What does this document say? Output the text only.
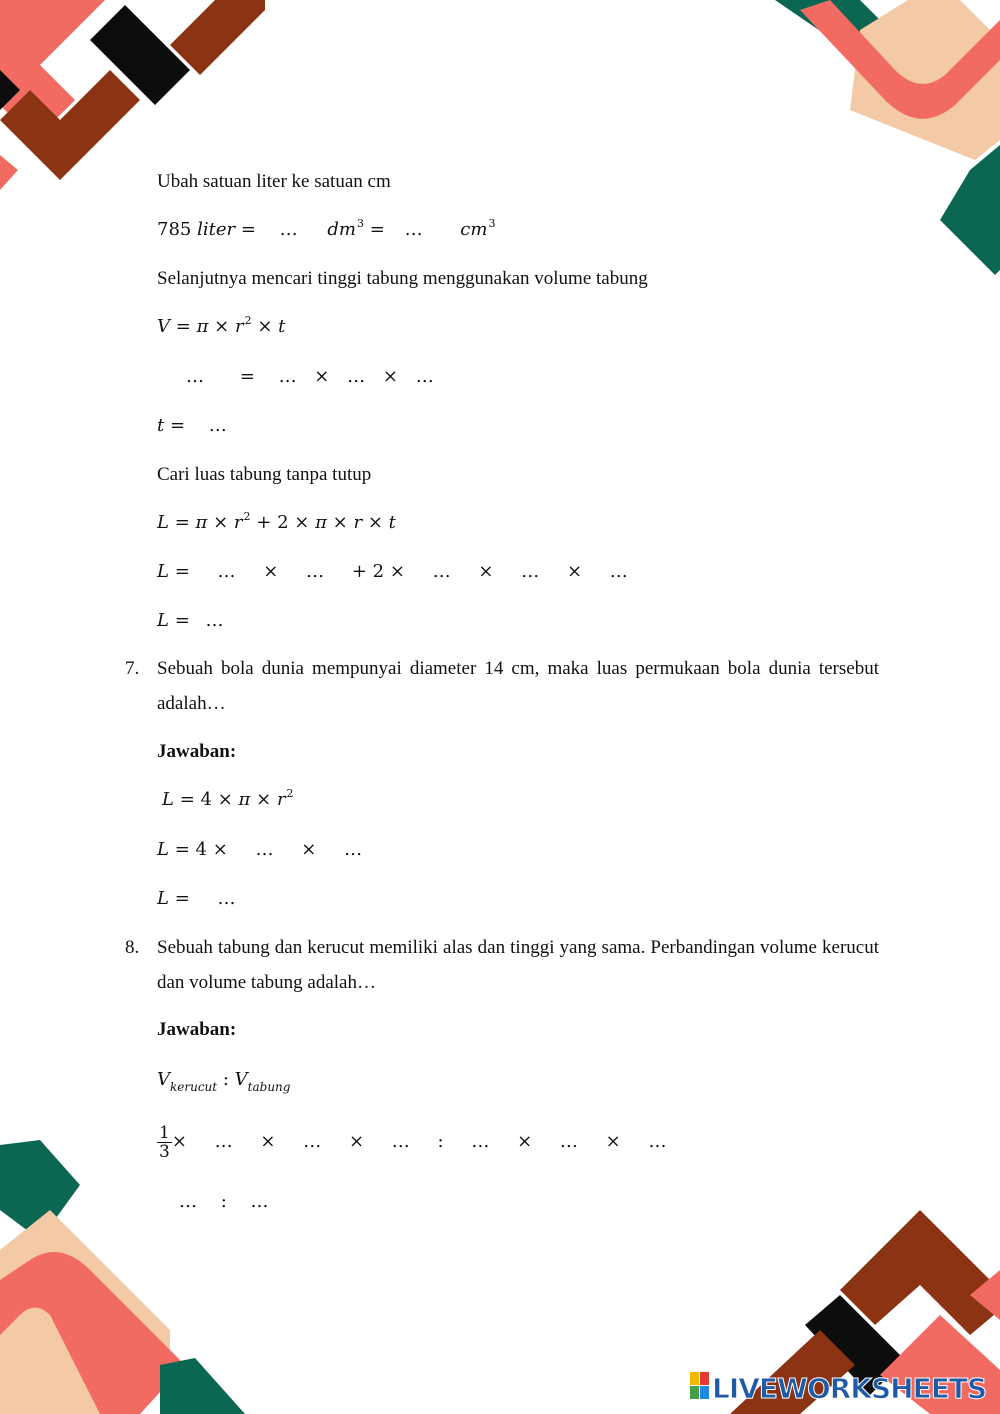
Ubah satuan liter ke satuan cm
785 liter = … $dm^3$ = … $cm^3$
Selanjutnya mencari tinggi tabung menggunakan volume tabung
$V = \pi \times r^2 \times t$
… = … × … × …
t = …
Cari luas tabung tanpa tutup
$L = \pi \times r^2 + 2 \times \pi \times r \times t$
L = … × … + 2 × … × … × …
L = …
7. Sebuah bola dunia mempunyai diameter 14 cm, maka luas permukaan bola dunia tersebut adalah…
Jawaban:
$L = 4 \times \pi \times r^2$
L = 4 × … × …
L = …
8. Sebuah tabung dan kerucut memiliki alas dan tinggi yang sama. Perbandingan volume kerucut dan volume tabung adalah…
Jawaban:
$V_{kerucut}$ : $V_{tabung}$
$\frac{1}{3}$ × … × … × … : … × … × …
… : …
LIVEWORKSHEETS
